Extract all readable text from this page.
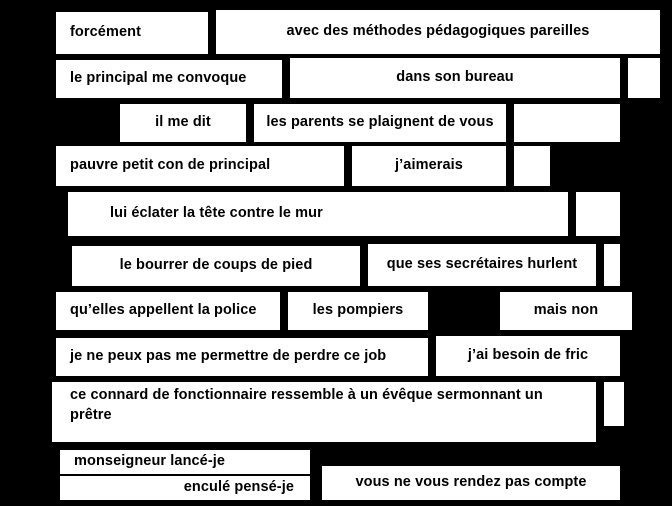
forcément	avec des méthodes pédagogiques pareilles
le principal me convoque	dans son bureau
il me dit	les parents se plaignent de vous
pauvre petit con de principal	j’aimerais
lui éclater la tête contre le mur
le bourrer de coups de pied	que ses secrétaires hurlent
qu’elles appellent la police	les pompiers	mais non
je ne peux pas me permettre de perdre ce job	j’ai besoin de fric
ce connard de fonctionnaire ressemble à un évêque sermonnant un prêtre
monseigneur lancé-je
enculé pensé-je	vous ne vous rendez pas compte
